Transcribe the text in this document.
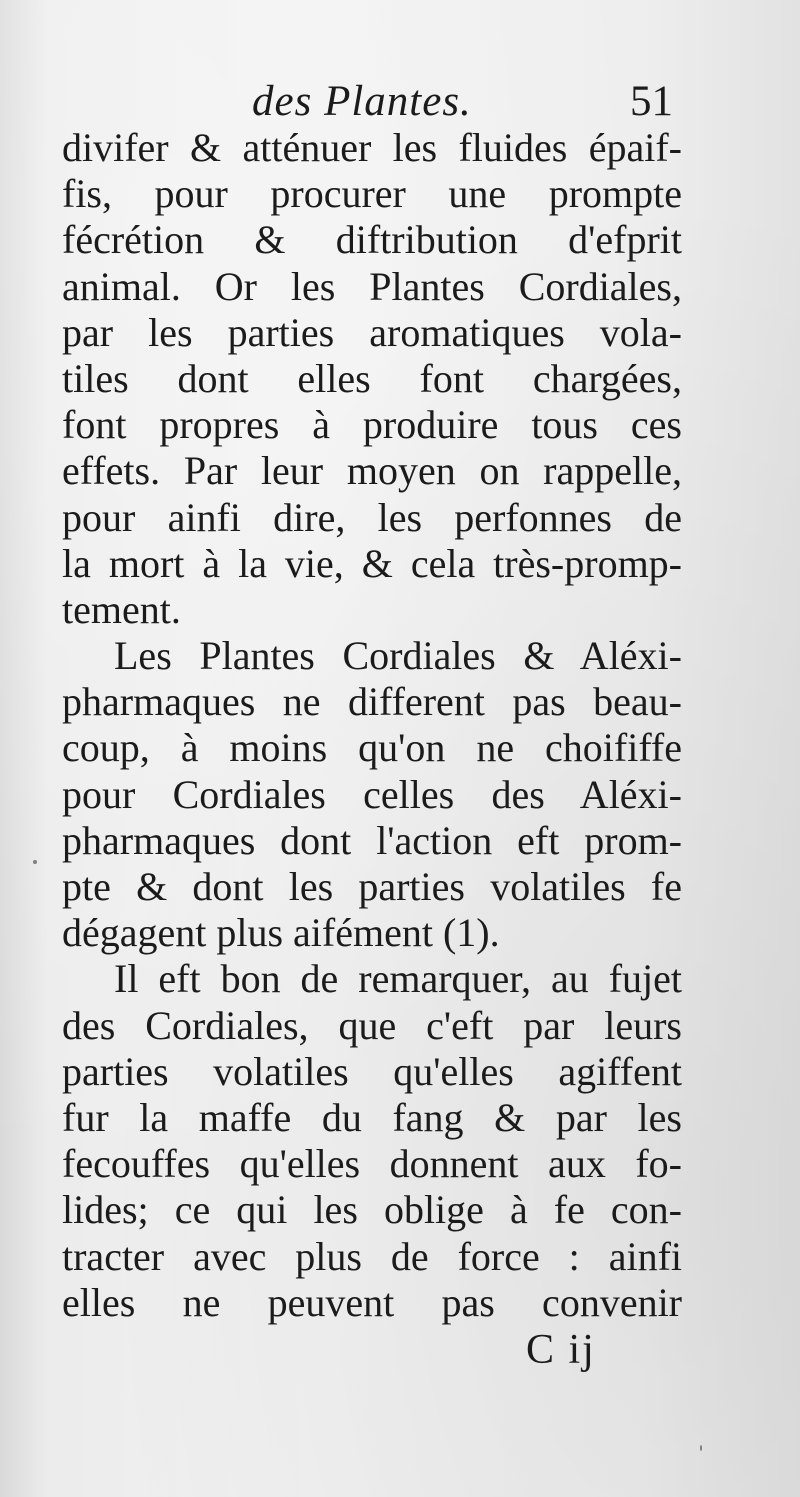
des Plantes.	51
divifer & atténuer les fluides épaif-
fis, pour procurer une prompte
fécrétion & diftribution d'efprit
animal. Or les Plantes Cordiales,
par les parties aromatiques vola-
tiles dont elles font chargées,
font propres à produire tous ces
effets. Par leur moyen on rappelle,
pour ainfi dire, les perfonnes de
la mort à la vie, & cela très-promp-
tement.
Les Plantes Cordiales & Aléxi-
pharmaques ne different pas beau-
coup, à moins qu'on ne choififfe
pour Cordiales celles des Aléxi-
pharmaques dont l'action eft prom-
pte & dont les parties volatiles fe
dégagent plus aifément (1).
Il eft bon de remarquer, au fujet
des Cordiales, que c'eft par leurs
parties volatiles qu'elles agiffent
fur la maffe du fang & par les
fecouffes qu'elles donnent aux fo-
lides; ce qui les oblige à fe con-
tracter avec plus de force : ainfi
elles ne peuvent pas convenir
C ij
